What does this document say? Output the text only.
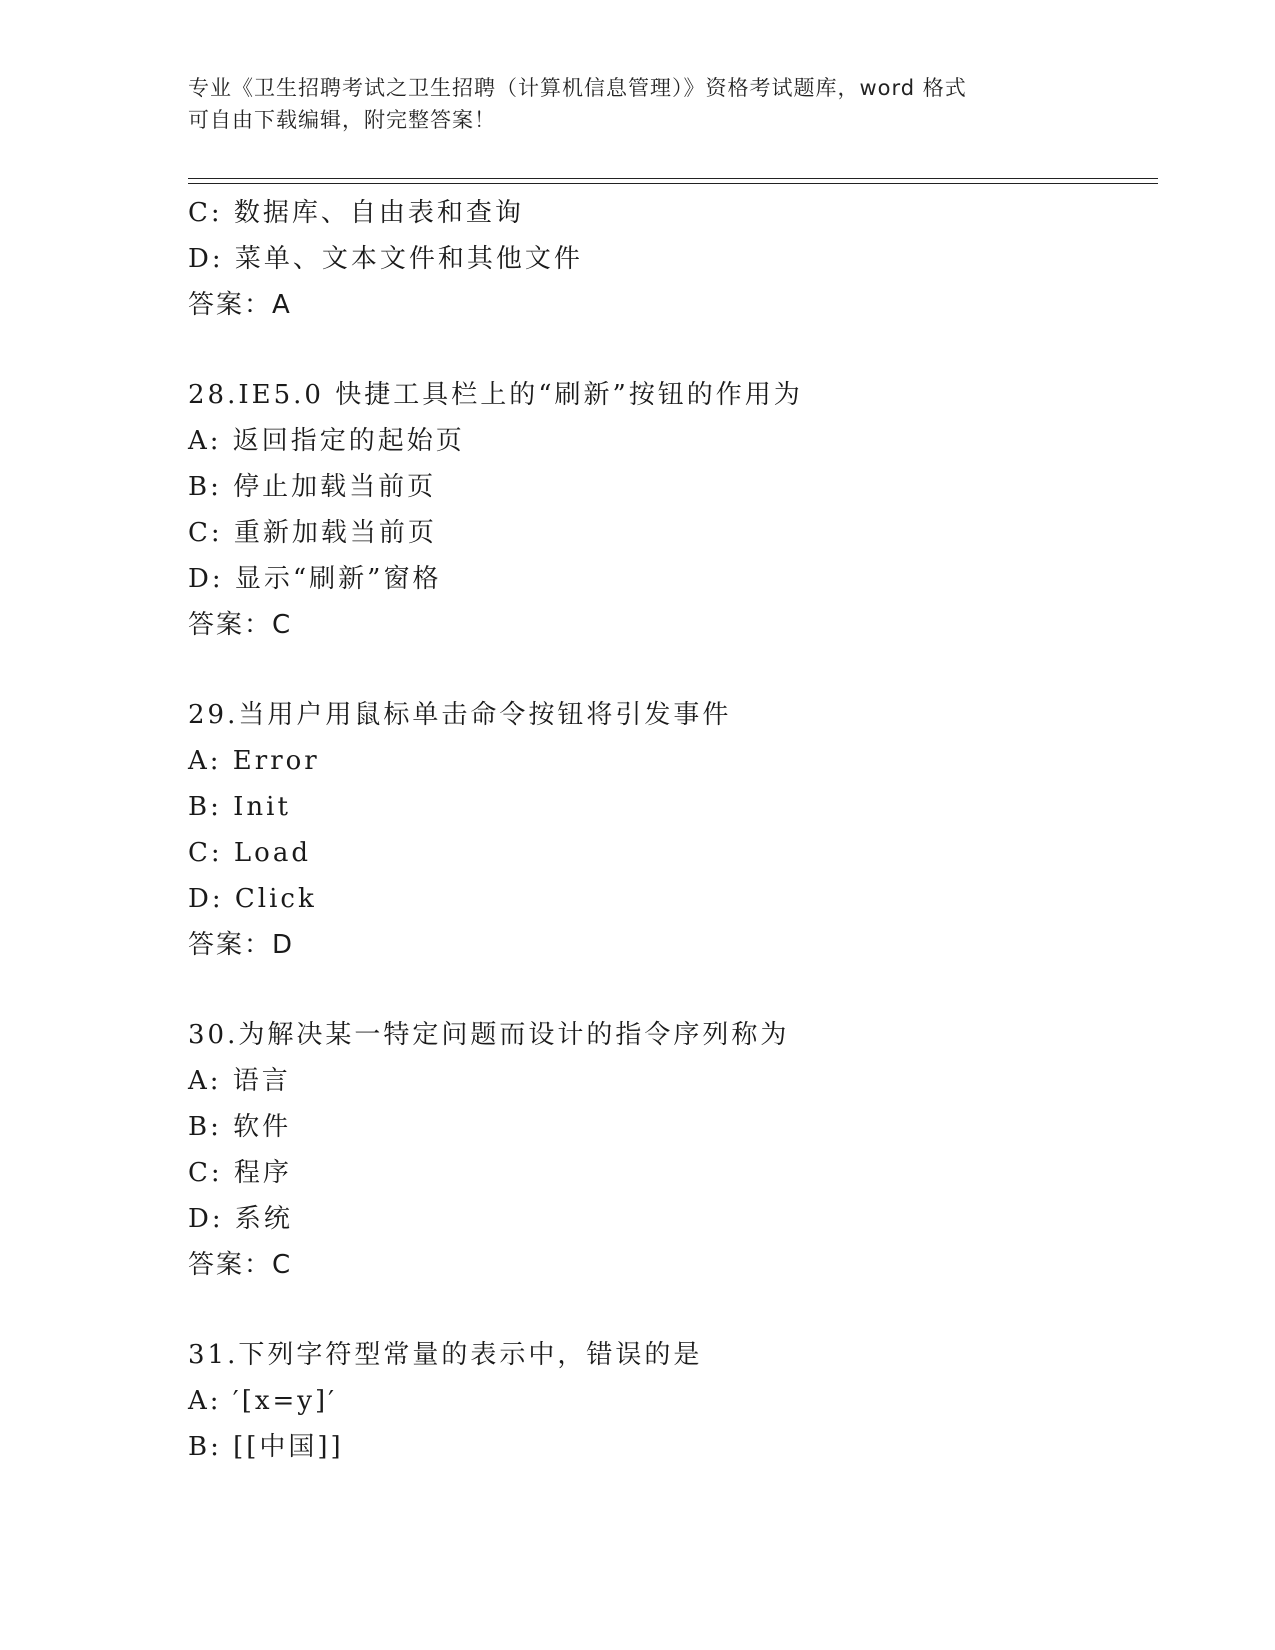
专业《卫生招聘考试之卫生招聘（计算机信息管理）》资格考试题库，word 格式
可自由下载编辑，附完整答案！
C: 数据库、自由表和查询
D: 菜单、文本文件和其他文件
答案：A
28.IE5.0 快捷工具栏上的“刷新”按钮的作用为
A: 返回指定的起始页
B: 停止加载当前页
C: 重新加载当前页
D: 显示“刷新”窗格
答案：C
29.当用户用鼠标单击命令按钮将引发事件
A: Error
B: Init
C: Load
D: Click
答案：D
30.为解决某一特定问题而设计的指令序列称为
A: 语言
B: 软件
C: 程序
D: 系统
答案：C
31.下列字符型常量的表示中，错误的是
A: ′[x=y]′
B: [[中国]]
